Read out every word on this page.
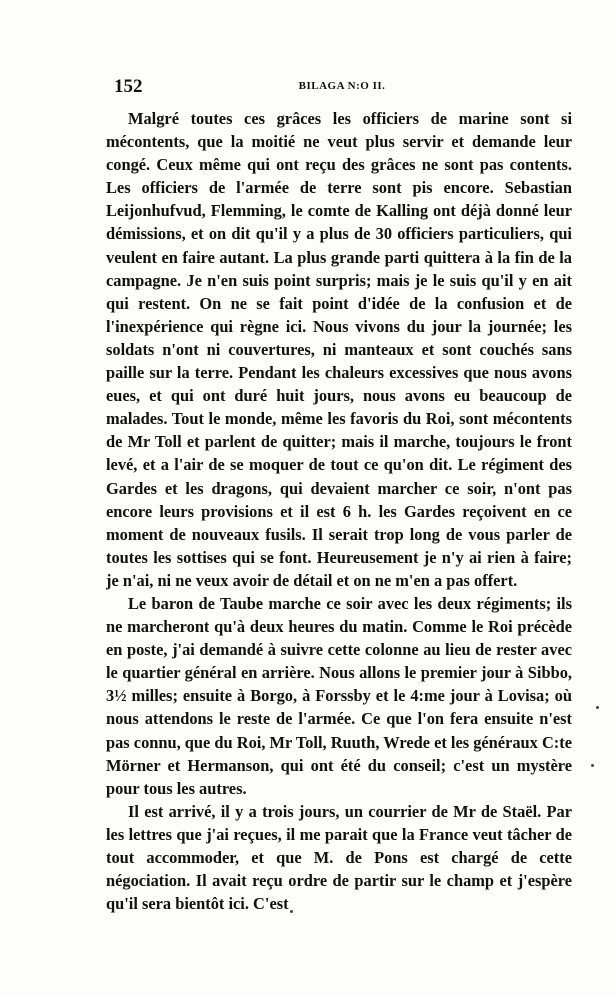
152	BILAGA N:O II.

Malgré toutes ces grâces les officiers de marine sont si mécontents, que la moitié ne veut plus servir et demande leur congé. Ceux même qui ont reçu des grâces ne sont pas contents. Les officiers de l'armée de terre sont pis encore. Sebastian Leijonhufvud, Flemming, le comte de Kalling ont déjà donné leur démissions, et on dit qu'il y a plus de 30 officiers particuliers, qui veulent en faire autant. La plus grande parti quittera à la fin de la campagne. Je n'en suis point surpris; mais je le suis qu'il y en ait qui restent. On ne se fait point d'idée de la confusion et de l'inexpérience qui règne ici. Nous vivons du jour la journée; les soldats n'ont ni couvertures, ni manteaux et sont couchés sans paille sur la terre. Pendant les chaleurs excessives que nous avons eues, et qui ont duré huit jours, nous avons eu beaucoup de malades. Tout le monde, même les favoris du Roi, sont mécontents de Mr Toll et parlent de quitter; mais il marche, toujours le front levé, et a l'air de se moquer de tout ce qu'on dit. Le régiment des Gardes et les dragons, qui devaient marcher ce soir, n'ont pas encore leurs provisions et il est 6 h. les Gardes reçoivent en ce moment de nouveaux fusils. Il serait trop long de vous parler de toutes les sottises qui se font. Heureusement je n'y ai rien à faire; je n'ai, ni ne veux avoir de détail et on ne m'en a pas offert.

Le baron de Taube marche ce soir avec les deux régiments; ils ne marcheront qu'à deux heures du matin. Comme le Roi précède en poste, j'ai demandé à suivre cette colonne au lieu de rester avec le quartier général en arrière. Nous allons le premier jour à Sibbo, 3½ milles; ensuite à Borgo, à Forssby et le 4:me jour à Lovisa; où nous attendons le reste de l'armée. Ce que l'on fera ensuite n'est pas connu, que du Roi, Mr Toll, Ruuth, Wrede et les généraux C:te Mörner et Hermanson, qui ont été du conseil; c'est un mystère pour tous les autres.

Il est arrivé, il y a trois jours, un courrier de Mr de Staël. Par les lettres que j'ai reçues, il me parait que la France veut tâcher de tout accommoder, et que M. de Pons est chargé de cette négociation. Il avait reçu ordre de partir sur le champ et j'espère qu'il sera bientôt ici. C'est
